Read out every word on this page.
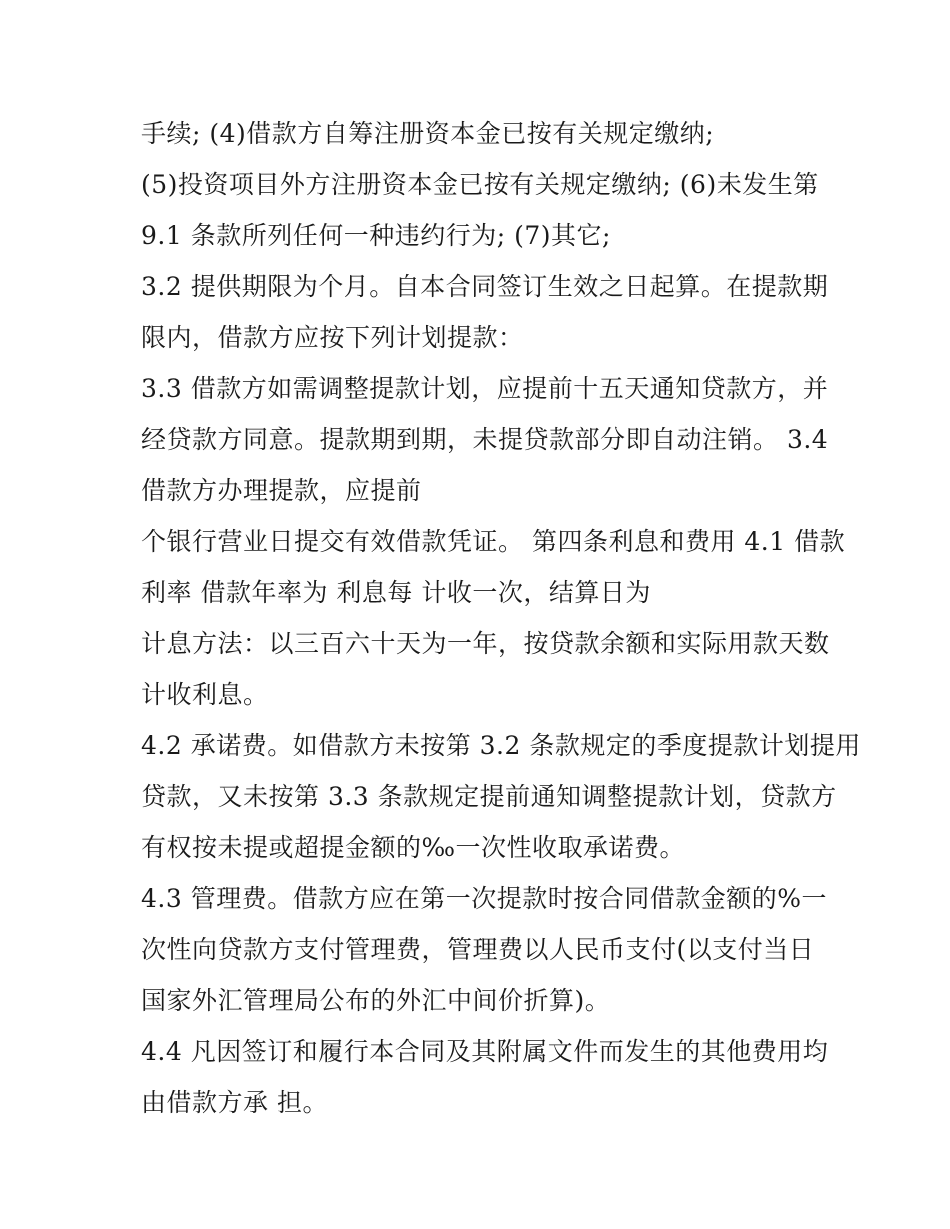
手续; (4)借款方自筹注册资本金已按有关规定缴纳;
(5)投资项目外方注册资本金已按有关规定缴纳; (6)未发生第
9.1 条款所列任何一种违约行为; (7)其它;
3.2 提供期限为个月。自本合同签订生效之日起算。在提款期
限内，借款方应按下列计划提款：
3.3 借款方如需调整提款计划，应提前十五天通知贷款方，并
经贷款方同意。提款期到期，未提贷款部分即自动注销。 3.4
借款方办理提款，应提前
个银行营业日提交有效借款凭证。 第四条利息和费用 4.1 借款
利率 借款年率为 利息每 计收一次，结算日为
计息方法：以三百六十天为一年，按贷款余额和实际用款天数
计收利息。
4.2 承诺费。如借款方未按第 3.2 条款规定的季度提款计划提用
贷款，又未按第 3.3 条款规定提前通知调整提款计划，贷款方
有权按未提或超提金额的‰一次性收取承诺费。
4.3 管理费。借款方应在第一次提款时按合同借款金额的%一
次性向贷款方支付管理费，管理费以人民币支付(以支付当日
国家外汇管理局公布的外汇中间价折算)。
4.4 凡因签订和履行本合同及其附属文件而发生的其他费用均
由借款方承 担。
